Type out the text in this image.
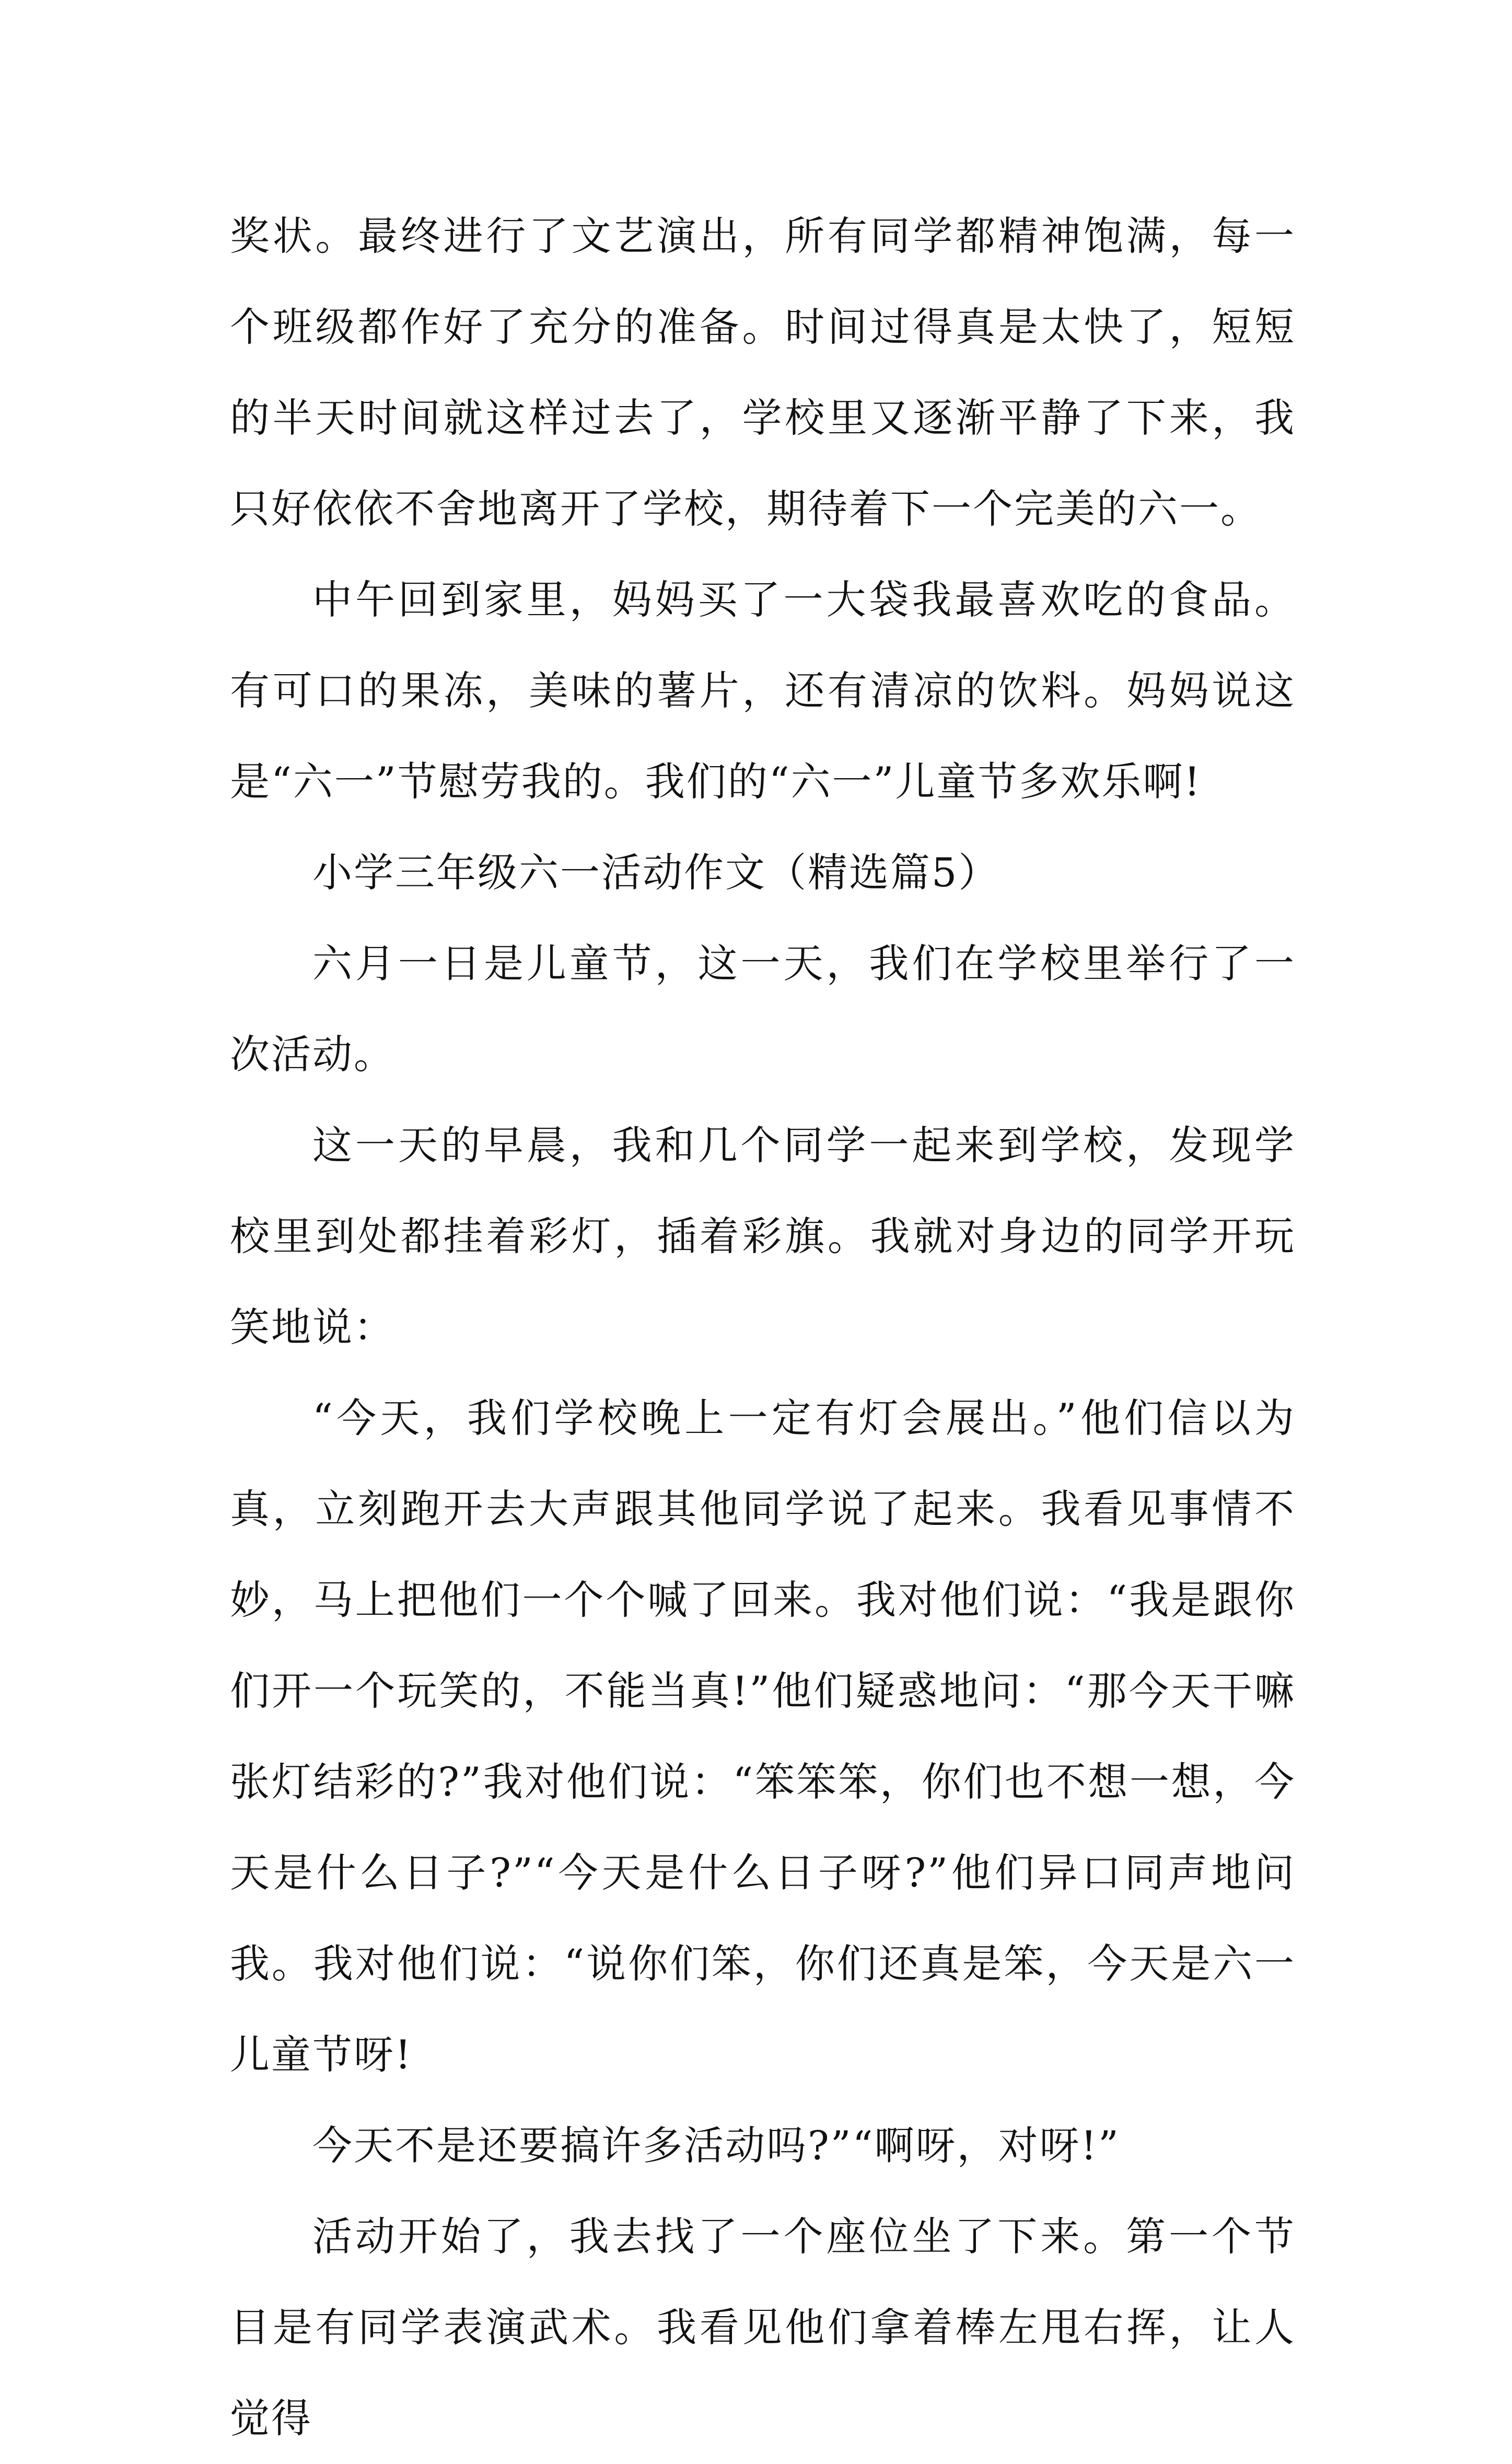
奖状。最终进行了文艺演出，所有同学都精神饱满，每一个班级都作好了充分的准备。时间过得真是太快了，短短的半天时间就这样过去了，学校里又逐渐平静了下来，我只好依依不舍地离开了学校，期待着下一个完美的六一。

中午回到家里，妈妈买了一大袋我最喜欢吃的食品。有可口的果冻，美味的薯片，还有清凉的饮料。妈妈说这是“六一”节慰劳我的。我们的“六一”儿童节多欢乐啊!

小学三年级六一活动作文（精选篇5）

六月一日是儿童节，这一天，我们在学校里举行了一次活动。

这一天的早晨，我和几个同学一起来到学校，发现学校里到处都挂着彩灯，插着彩旗。我就对身边的同学开玩笑地说：

“今天，我们学校晚上一定有灯会展出。”他们信以为真，立刻跑开去大声跟其他同学说了起来。我看见事情不妙，马上把他们一个个喊了回来。我对他们说：“我是跟你们开一个玩笑的，不能当真!”他们疑惑地问：“那今天干嘛张灯结彩的?”我对他们说：“笨笨笨，你们也不想一想，今天是什么日子?”“今天是什么日子呀?”他们异口同声地问我。我对他们说：“说你们笨，你们还真是笨，今天是六一儿童节呀!

今天不是还要搞许多活动吗?”“啊呀，对呀!”

活动开始了，我去找了一个座位坐了下来。第一个节目是有同学表演武术。我看见他们拿着棒左甩右挥，让人觉得
